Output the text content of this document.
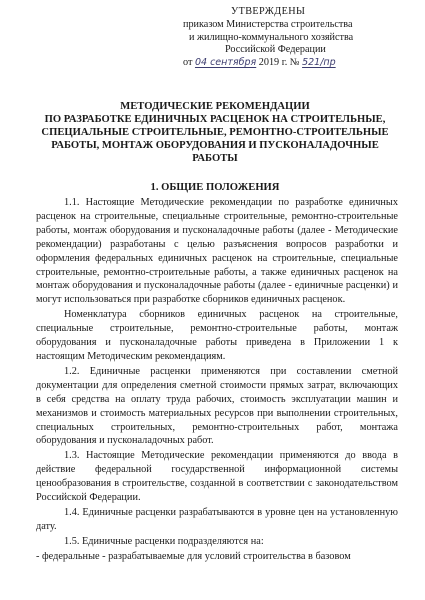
УТВЕРЖДЕНЫ
приказом Министерства строительства
и жилищно-коммунального хозяйства
Российской Федерации
от 04 сентября 2019 г. № 521/пр
МЕТОДИЧЕСКИЕ РЕКОМЕНДАЦИИ
ПО РАЗРАБОТКЕ ЕДИНИЧНЫХ РАСЦЕНОК НА СТРОИТЕЛЬНЫЕ,
СПЕЦИАЛЬНЫЕ СТРОИТЕЛЬНЫЕ, РЕМОНТНО-СТРОИТЕЛЬНЫЕ
РАБОТЫ, МОНТАЖ ОБОРУДОВАНИЯ И ПУСКОНАЛАДОЧНЫЕ
РАБОТЫ
1. ОБЩИЕ ПОЛОЖЕНИЯ

1.1. Настоящие Методические рекомендации по разработке единичных расценок на строительные, специальные строительные, ремонтно-строительные работы, монтаж оборудования и пусконаладочные работы (далее - Методические рекомендации) разработаны с целью разъяснения вопросов разработки и оформления федеральных единичных расценок на строительные, специальные строительные, ремонтно-строительные работы, а также единичных расценок на монтаж оборудования и пусконаладочные работы (далее - единичные расценки) и могут использоваться при разработке сборников единичных расценок.

Номенклатура сборников единичных расценок на строительные, специальные строительные, ремонтно-строительные работы, монтаж оборудования и пусконаладочные работы приведена в Приложении 1 к настоящим Методическим рекомендациям.

1.2. Единичные расценки применяются при составлении сметной документации для определения сметной стоимости прямых затрат, включающих в себя средства на оплату труда рабочих, стоимость эксплуатации машин и механизмов и стоимость материальных ресурсов при выполнении строительных, специальных строительных, ремонтно-строительных работ, монтажа оборудования и пусконаладочных работ.

1.3. Настоящие Методические рекомендации применяются до ввода в действие федеральной государственной информационной системы ценообразования в строительстве, созданной в соответствии с законодательством Российской Федерации.

1.4. Единичные расценки разрабатываются в уровне цен на установленную дату.

1.5. Единичные расценки подразделяются на:

- федеральные - разрабатываемые для условий строительства в базовом
